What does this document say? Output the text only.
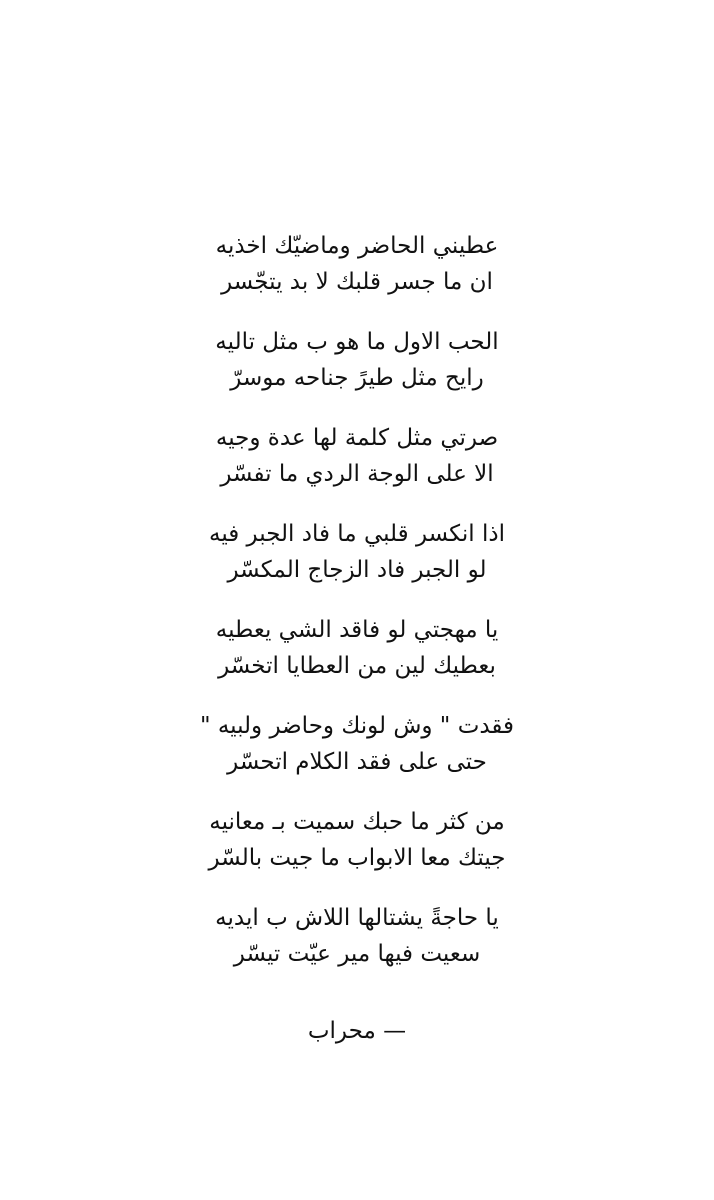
عطيني الحاضر وماضيّك اخذيه
ان ما جسر قلبك لا بد يتجّسر
الحب الاول ما هو ب مثل تاليه
رايح مثل طيرً جناحه موسرّ
صرتي مثل كلمة لها عدة وجيه
الا على الوجة الردي ما تفسّر
اذا انكسر قلبي ما فاد الجبر فيه
لو الجبر فاد الزجاج المكسّر
يا مهجتي لو فاقد الشي يعطيه
بعطيك لين من العطايا اتخسّر
فقدت " وش لونك وحاضر ولبيه "
حتى على فقد الكلام اتحسّر
من كثر ما حبك سميت بـ معانيه
جيتك معا الابواب ما جيت بالسّر
يا حاجةً يشتالها اللاش ب ايديه
سعيت فيها مير عيّت تيسّر
— محراب
